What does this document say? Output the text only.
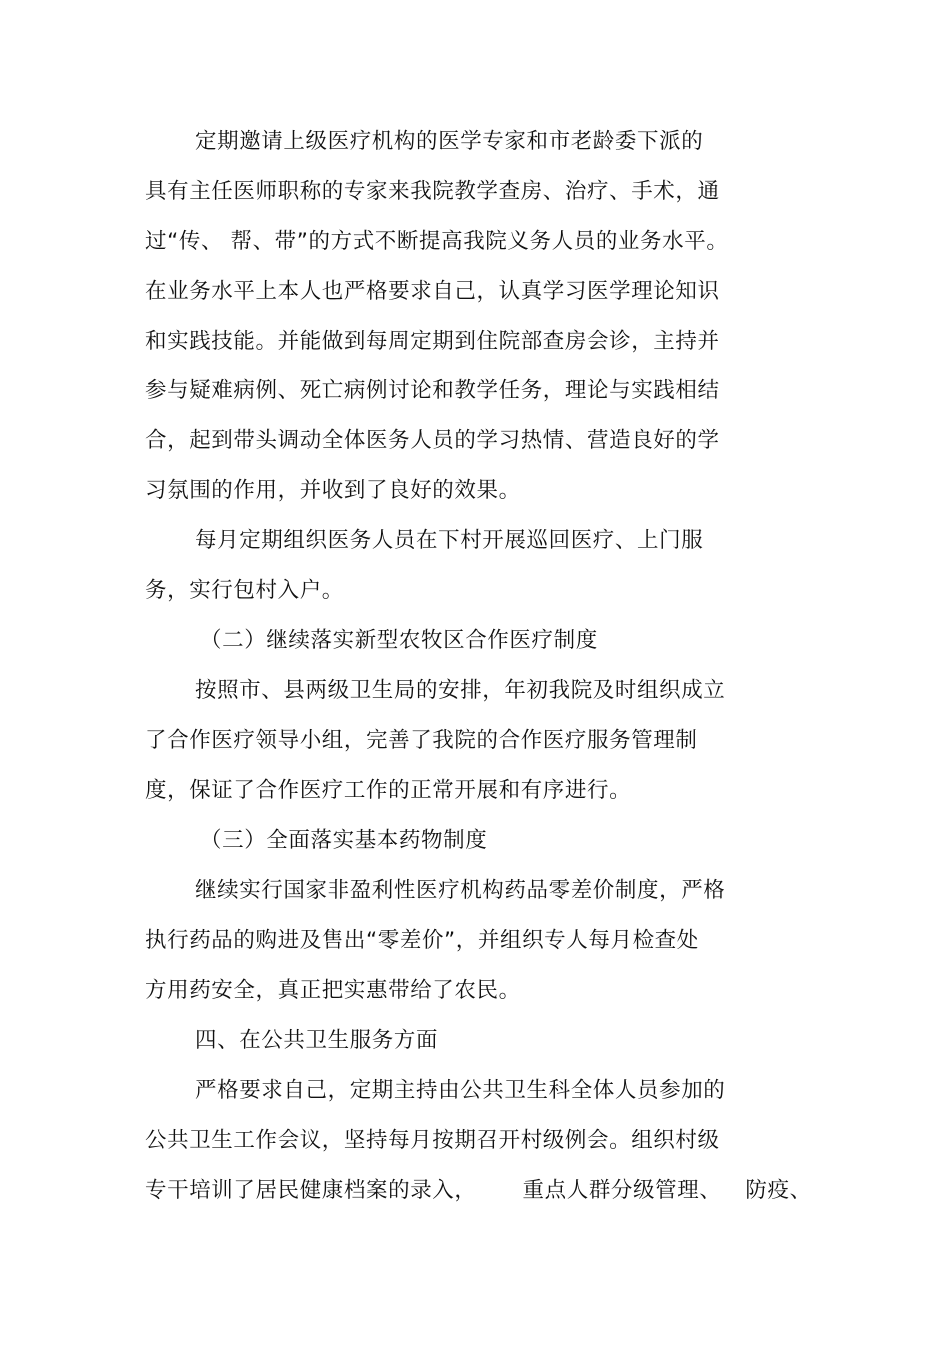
定期邀请上级医疗机构的医学专家和市老龄委下派的
具有主任医师职称的专家来我院教学查房、治疗、手术，通
过“传、 帮、带”的方式不断提高我院义务人员的业务水平。
在业务水平上本人也严格要求自己，认真学习医学理论知识
和实践技能。并能做到每周定期到住院部查房会诊，主持并
参与疑难病例、死亡病例讨论和教学任务，理论与实践相结
合，起到带头调动全体医务人员的学习热情、营造良好的学
习氛围的作用，并收到了良好的效果。
每月定期组织医务人员在下村开展巡回医疗、上门服
务，实行包村入户。
（二）继续落实新型农牧区合作医疗制度
按照市、县两级卫生局的安排，年初我院及时组织成立
了合作医疗领导小组，完善了我院的合作医疗服务管理制
度，保证了合作医疗工作的正常开展和有序进行。
（三）全面落实基本药物制度
继续实行国家非盈利性医疗机构药品零差价制度，严格
执行药品的购进及售出“零差价”，并组织专人每月检查处
方用药安全，真正把实惠带给了农民。
四、在公共卫生服务方面
严格要求自己，定期主持由公共卫生科全体人员参加的
公共卫生工作会议，坚持每月按期召开村级例会。组织村级
专干培训了居民健康档案的录入， 重点人群分级管理、 防疫、
